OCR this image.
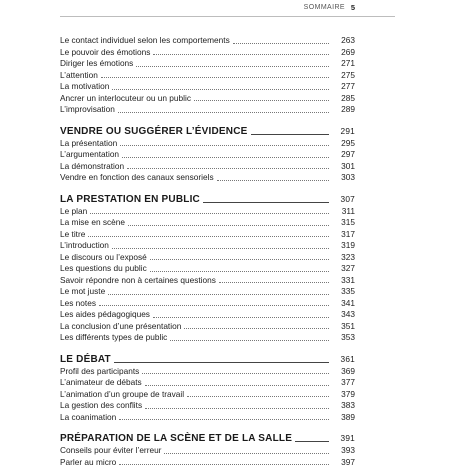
SOMMAIRE 5
Le contact individuel selon les comportements	263
Le pouvoir des émotions	269
Diriger les émotions	271
L’attention	275
La motivation	277
Ancrer un interlocuteur ou un public	285
L’improvisation	289
VENDRE OU SUGGÉRER L’ÉVIDENCE	291
La présentation	295
L’argumentation	297
La démonstration	301
Vendre en fonction des canaux sensoriels	303
LA PRESTATION EN PUBLIC	307
Le plan	311
La mise en scène	315
Le titre	317
L’introduction	319
Le discours ou l’exposé	323
Les questions du public	327
Savoir répondre non à certaines questions	331
Le mot juste	335
Les notes	341
Les aides pédagogiques	343
La conclusion d’une présentation	351
Les différents types de public	353
LE DÉBAT	361
Profil des participants	369
L’animateur de débats	377
L’animation d’un groupe de travail	379
La gestion des conflits	383
La coanimation	389
PRÉPARATION DE LA SCÈNE ET DE LA SALLE	391
Conseils pour éviter l’erreur	393
Parler au micro	397
